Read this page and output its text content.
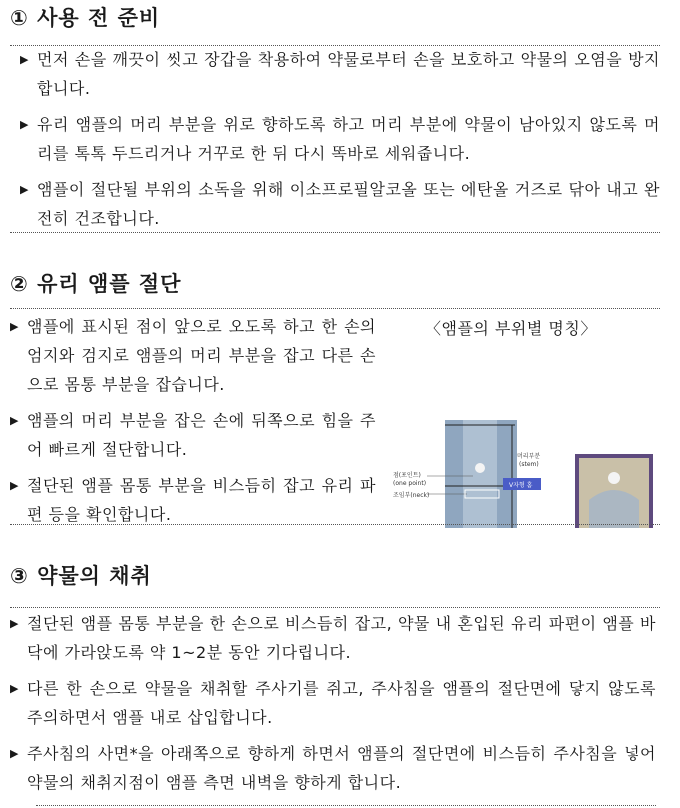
① 사용 전 준비
▶ 먼저 손을 깨끗이 씻고 장갑을 착용하여 약물로부터 손을 보호하고 약물의 오염을 방지합니다.
▶ 유리 앰플의 머리 부분을 위로 향하도록 하고 머리 부분에 약물이 남아있지 않도록 머리를 톡톡 두드리거나 거꾸로 한 뒤 다시 똑바로 세워줍니다.
▶ 앰플이 절단될 부위의 소독을 위해 이소프로필알코올 또는 에탄올 거즈로 닦아 내고 완전히 건조합니다.
② 유리 앰플 절단
▶ 앰플에 표시된 점이 앞으로 오도록 하고 한 손의 엄지와 검지로 앰플의 머리 부분을 잡고 다른 손으로 몸통 부분을 잡습니다.
▶ 앰플의 머리 부분을 잡은 손에 뒤쪽으로 힘을 주어 빠르게 절단합니다.
▶ 절단된 앰플 몸통 부분을 비스듬히 잡고 유리 파편 등을 확인합니다.
〈앰플의 부위별 명칭〉
머리부분
(stem)
점(포인트)
(one point)
조임부(neck)
V자형 홈
③ 약물의 채취
▶ 절단된 앰플 몸통 부분을 한 손으로 비스듬히 잡고, 약물 내 혼입된 유리 파편이 앰플 바닥에 가라앉도록 약 1~2분 동안 기다립니다.
▶ 다른 한 손으로 약물을 채취할 주사기를 쥐고, 주사침을 앰플의 절단면에 닿지 않도록 주의하면서 앰플 내로 삽입합니다.
▶ 주사침의 사면*을 아래쪽으로 향하게 하면서 앰플의 절단면에 비스듬히 주사침을 넣어 약물의 채취지점이 앰플 측면 내벽을 향하게 합니다.
